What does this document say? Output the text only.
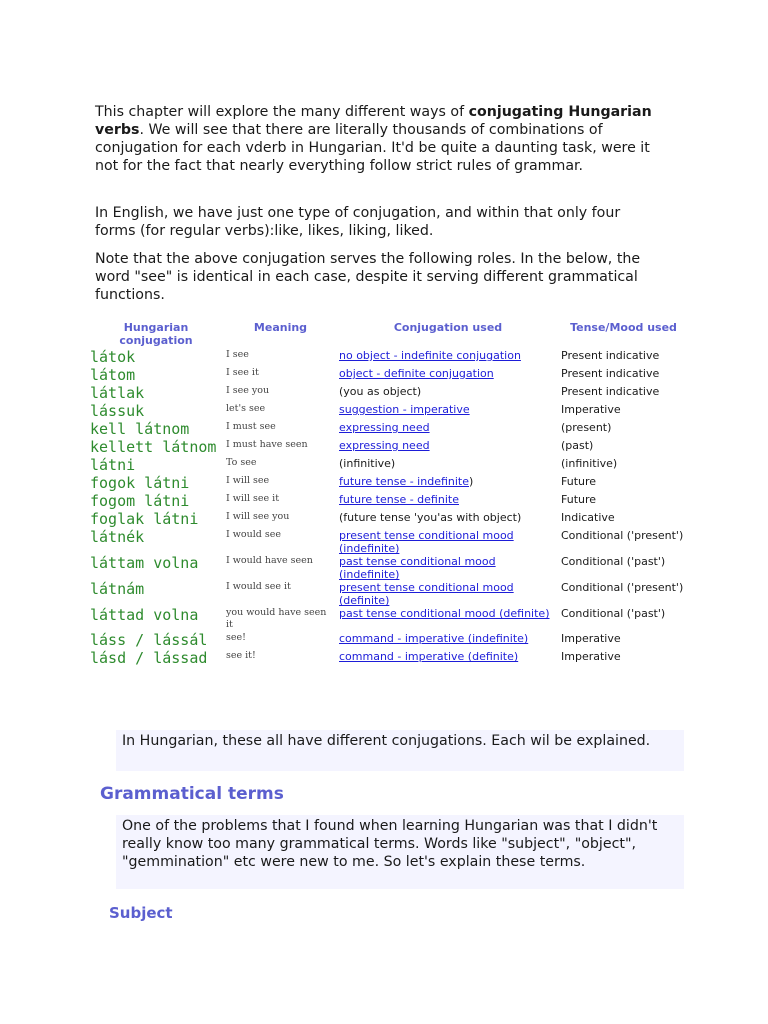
This chapter will explore the many different ways of conjugating Hungarian verbs. We will see that there are literally thousands of combinations of conjugation for each vderb in Hungarian. It'd be quite a daunting task, were it not for the fact that nearly everything follow strict rules of grammar.

In English, we have just one type of conjugation, and within that only four forms (for regular verbs):like, likes, liking, liked.

Note that the above conjugation serves the following roles. In the below, the word "see" is identical in each case, despite it serving different grammatical functions.

Hungarian conjugation	Meaning	Conjugation used	Tense/Mood used
látok	I see	no object - indefinite conjugation	Present indicative
látom	I see it	object - definite conjugation	Present indicative
látlak	I see you	(you as object)	Present indicative
lássuk	let's see	suggestion - imperative	Imperative
kell látnom	I must see	expressing need	(present)
kellett látnom	I must have seen	expressing need	(past)
látni	To see	(infinitive)	(infinitive)
fogok látni	I will see	future tense - indefinite)	Future
fogom látni	I will see it	future tense - definite	Future
foglak látni	I will see you	(future tense 'you'as with object)	Indicative
látnék	I would see	present tense conditional mood (indefinite)	Conditional ('present')
láttam volna	I would have seen	past tense conditional mood (indefinite)	Conditional ('past')
látnám	I would see it	present tense conditional mood (definite)	Conditional ('present')
láttad volna	you would have seen it	past tense conditional mood (definite)	Conditional ('past')
láss / lássál	see!	command - imperative (indefinite)	Imperative
lásd / lássad	see it!	command - imperative (definite)	Imperative
In Hungarian, these all have different conjugations. Each wil be explained.
Grammatical terms
One of the problems that I found when learning Hungarian was that I didn't really know too many grammatical terms. Words like "subject", "object", "gemmination" etc were new to me. So let's explain these terms.
Subject
